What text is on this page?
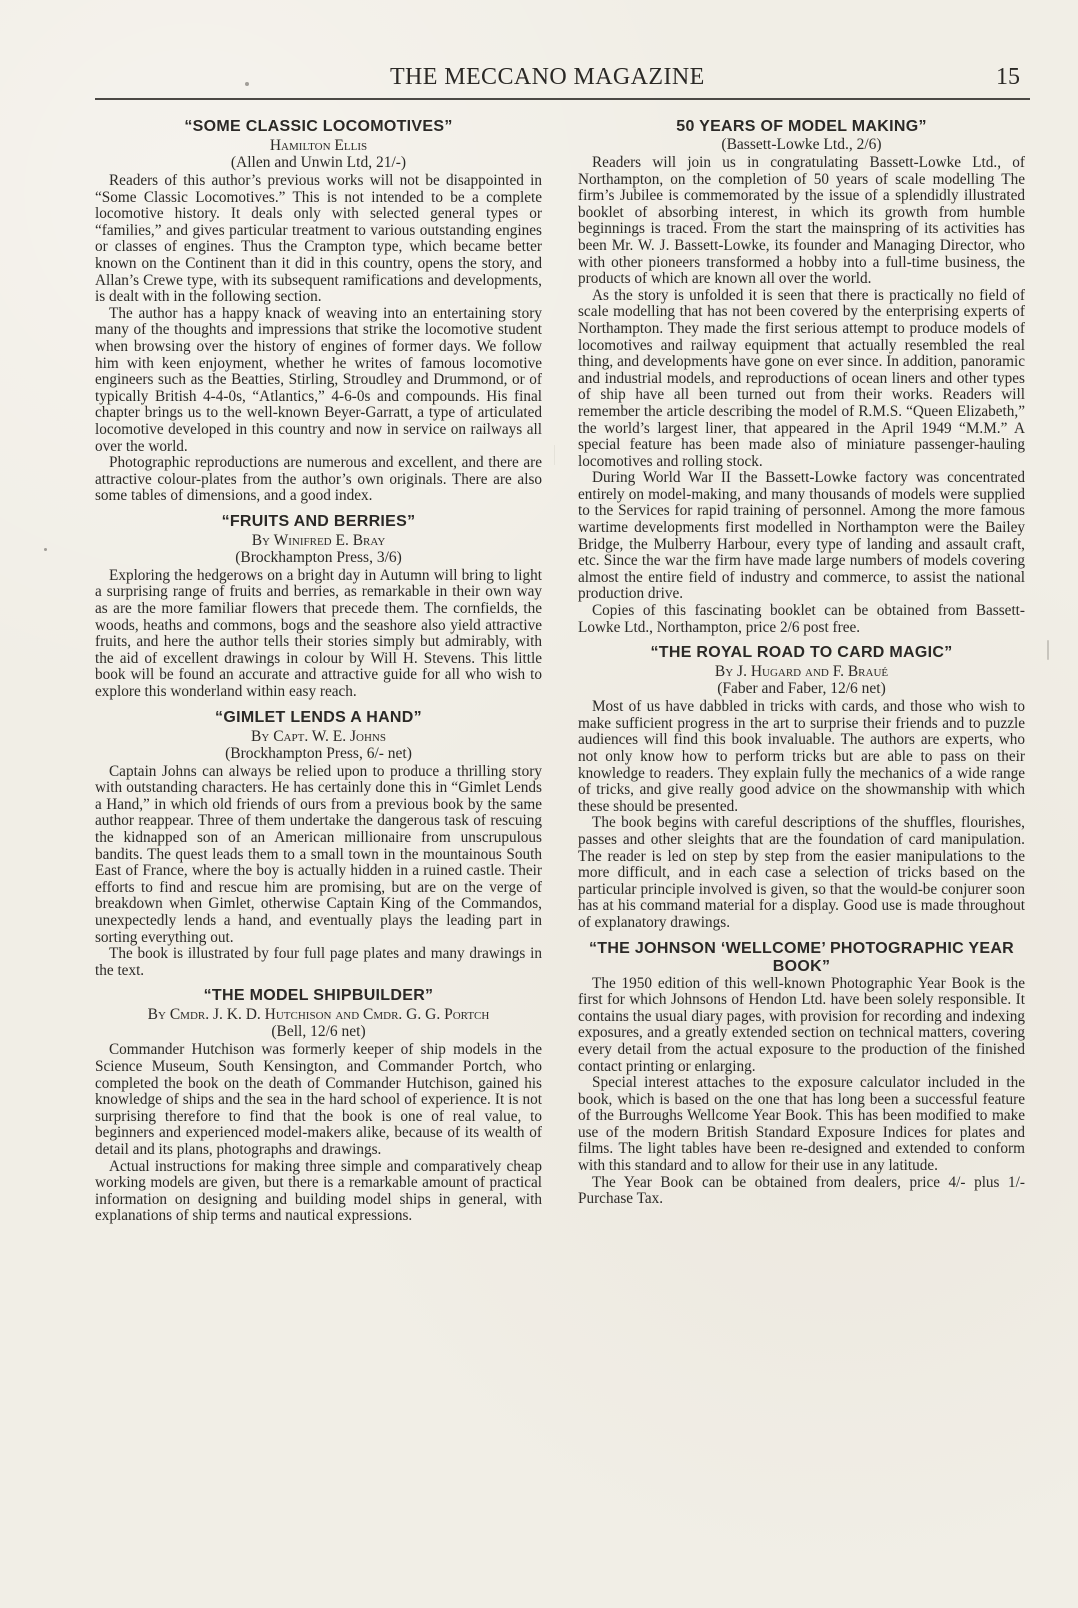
THE MECCANO MAGAZINE	15
“SOME CLASSIC LOCOMOTIVES”

Hamilton Ellis

(Allen and Unwin Ltd, 21/-)

Readers of this author’s previous works will not be disappointed in “Some Classic Locomotives.” This is not intended to be a complete locomotive history. It deals only with selected general types or “families,” and gives particular treatment to various outstanding engines or classes of engines. Thus the Crampton type, which became better known on the Continent than it did in this country, opens the story, and Allan’s Crewe type, with its subsequent ramifications and developments, is dealt with in the following section.

The author has a happy knack of weaving into an entertaining story many of the thoughts and impressions that strike the locomotive student when browsing over the history of engines of former days. We follow him with keen enjoyment, whether he writes of famous locomotive engineers such as the Beatties, Stirling, Stroudley and Drummond, or of typically British 4-4-0s, “Atlantics,” 4-6-0s and compounds. His final chapter brings us to the well-known Beyer-Garratt, a type of articulated locomotive developed in this country and now in service on railways all over the world.

Photographic reproductions are numerous and excellent, and there are attractive colour-plates from the author’s own originals. There are also some tables of dimensions, and a good index.

“FRUITS AND BERRIES”

By Winifred E. Bray

(Brockhampton Press, 3/6)

Exploring the hedgerows on a bright day in Autumn will bring to light a surprising range of fruits and berries, as remarkable in their own way as are the more familiar flowers that precede them. The cornfields, the woods, heaths and commons, bogs and the seashore also yield attractive fruits, and here the author tells their stories simply but admirably, with the aid of excellent drawings in colour by Will H. Stevens. This little book will be found an accurate and attractive guide for all who wish to explore this wonderland within easy reach.

“GIMLET LENDS A HAND”

By Capt. W. E. Johns

(Brockhampton Press, 6/- net)

Captain Johns can always be relied upon to produce a thrilling story with outstanding characters. He has certainly done this in “Gimlet Lends a Hand,” in which old friends of ours from a previous book by the same author reappear. Three of them undertake the dangerous task of rescuing the kidnapped son of an American millionaire from unscrupulous bandits. The quest leads them to a small town in the mountainous South East of France, where the boy is actually hidden in a ruined castle. Their efforts to find and rescue him are promising, but are on the verge of breakdown when Gimlet, otherwise Captain King of the Commandos, unexpectedly lends a hand, and eventually plays the leading part in sorting everything out.

The book is illustrated by four full page plates and many drawings in the text.

“THE MODEL SHIPBUILDER”

By Cmdr. J. K. D. Hutchison and Cmdr. G. G. Portch

(Bell, 12/6 net)

Commander Hutchison was formerly keeper of ship models in the Science Museum, South Kensington, and Commander Portch, who completed the book on the death of Commander Hutchison, gained his knowledge of ships and the sea in the hard school of experience. It is not surprising therefore to find that the book is one of real value, to beginners and experienced model-makers alike, because of its wealth of detail and its plans, photographs and drawings.

Actual instructions for making three simple and comparatively cheap working models are given, but there is a remarkable amount of practical information on designing and building model ships in general, with explanations of ship terms and nautical expressions.

50 YEARS OF MODEL MAKING”

(Bassett-Lowke Ltd., 2/6)

Readers will join us in congratulating Bassett-Lowke Ltd., of Northampton, on the completion of 50 years of scale modelling The firm’s Jubilee is commemorated by the issue of a splendidly illustrated booklet of absorbing interest, in which its growth from humble beginnings is traced. From the start the mainspring of its activities has been Mr. W. J. Bassett-Lowke, its founder and Managing Director, who with other pioneers transformed a hobby into a full-time business, the products of which are known all over the world.

As the story is unfolded it is seen that there is practically no field of scale modelling that has not been covered by the enterprising experts of Northampton. They made the first serious attempt to produce models of locomotives and railway equipment that actually resembled the real thing, and developments have gone on ever since. In addition, panoramic and industrial models, and reproductions of ocean liners and other types of ship have all been turned out from their works. Readers will remember the article describing the model of R.M.S. “Queen Elizabeth,” the world’s largest liner, that appeared in the April 1949 “M.M.” A special feature has been made also of miniature passenger-hauling locomotives and rolling stock.

During World War II the Bassett-Lowke factory was concentrated entirely on model-making, and many thousands of models were supplied to the Services for rapid training of personnel. Among the more famous wartime developments first modelled in Northampton were the Bailey Bridge, the Mulberry Harbour, every type of landing and assault craft, etc. Since the war the firm have made large numbers of models covering almost the entire field of industry and commerce, to assist the national production drive.

Copies of this fascinating booklet can be obtained from Bassett-Lowke Ltd., Northampton, price 2/6 post free.

“THE ROYAL ROAD TO CARD MAGIC”

By J. Hugard and F. Braué

(Faber and Faber, 12/6 net)

Most of us have dabbled in tricks with cards, and those who wish to make sufficient progress in the art to surprise their friends and to puzzle audiences will find this book invaluable. The authors are experts, who not only know how to perform tricks but are able to pass on their knowledge to readers. They explain fully the mechanics of a wide range of tricks, and give really good advice on the showmanship with which these should be presented.

The book begins with careful descriptions of the shuffles, flourishes, passes and other sleights that are the foundation of card manipulation. The reader is led on step by step from the easier manipulations to the more difficult, and in each case a selection of tricks based on the particular principle involved is given, so that the would-be conjurer soon has at his command material for a display. Good use is made throughout of explanatory drawings.

“THE JOHNSON ‘WELLCOME’ PHOTOGRAPHIC YEAR BOOK”

The 1950 edition of this well-known Photographic Year Book is the first for which Johnsons of Hendon Ltd. have been solely responsible. It contains the usual diary pages, with provision for recording and indexing exposures, and a greatly extended section on technical matters, covering every detail from the actual exposure to the production of the finished contact printing or enlarging.

Special interest attaches to the exposure calculator included in the book, which is based on the one that has long been a successful feature of the Burroughs Wellcome Year Book. This has been modified to make use of the modern British Standard Exposure Indices for plates and films. The light tables have been re-designed and extended to conform with this standard and to allow for their use in any latitude.

The Year Book can be obtained from dealers, price 4/- plus 1/- Purchase Tax.
